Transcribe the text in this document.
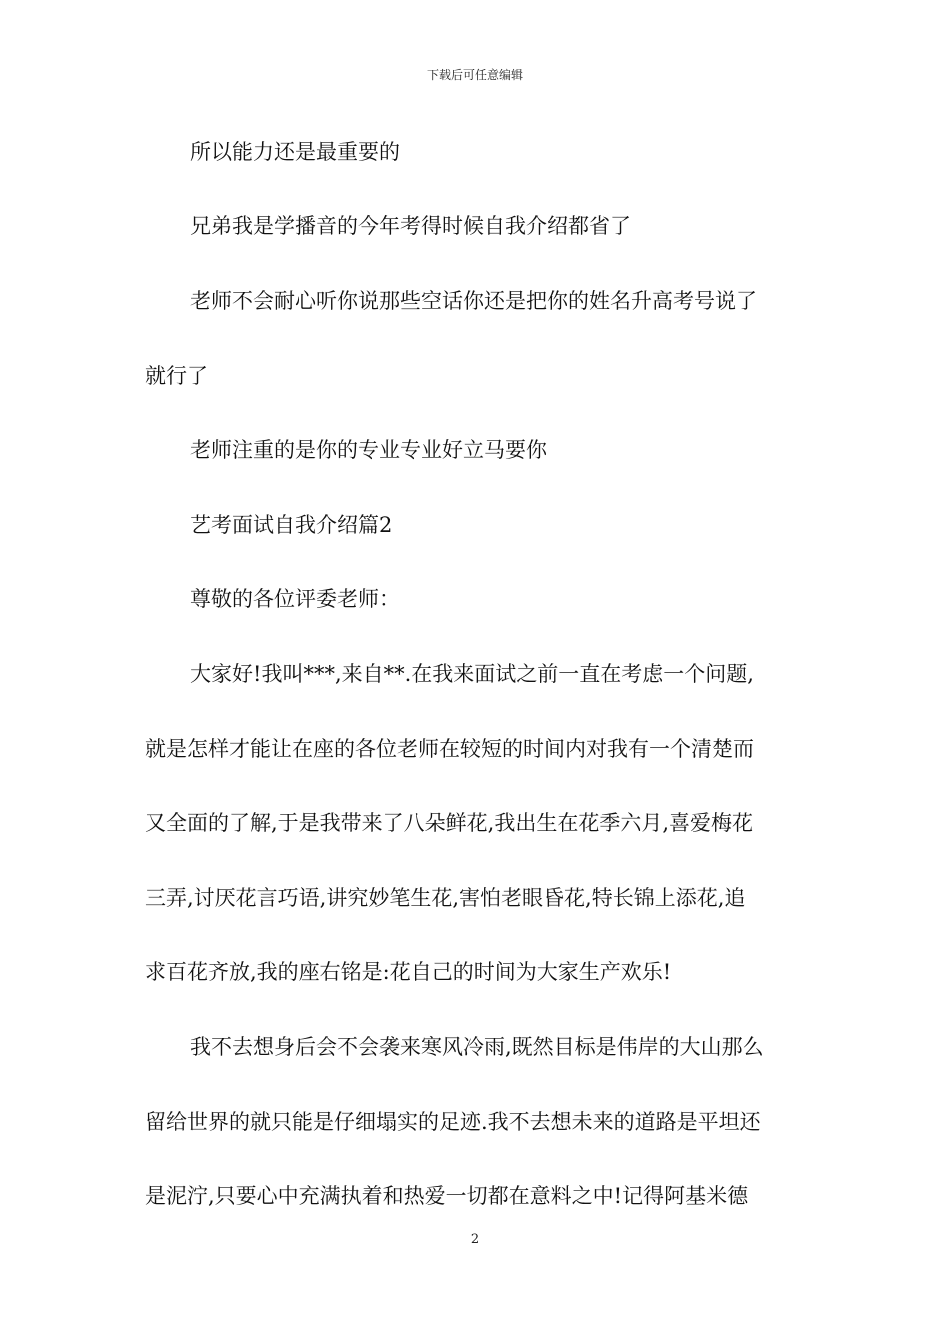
下载后可任意编辑
所以能力还是最重要的
兄弟我是学播音的今年考得时候自我介绍都省了
老师不会耐心听你说那些空话你还是把你的姓名升高考号说了
就行了
老师注重的是你的专业专业好立马要你
艺考面试自我介绍篇2
尊敬的各位评委老师：
大家好!我叫***,来自**.在我来面试之前一直在考虑一个问题,
就是怎样才能让在座的各位老师在较短的时间内对我有一个清楚而
又全面的了解,于是我带来了八朵鲜花,我出生在花季六月,喜爱梅花
三弄,讨厌花言巧语,讲究妙笔生花,害怕老眼昏花,特长锦上添花,追
求百花齐放,我的座右铭是:花自己的时间为大家生产欢乐!
我不去想身后会不会袭来寒风冷雨,既然目标是伟岸的大山那么
留给世界的就只能是仔细塌实的足迹.我不去想未来的道路是平坦还
是泥泞,只要心中充满执着和热爱一切都在意料之中!记得阿基米德
2
